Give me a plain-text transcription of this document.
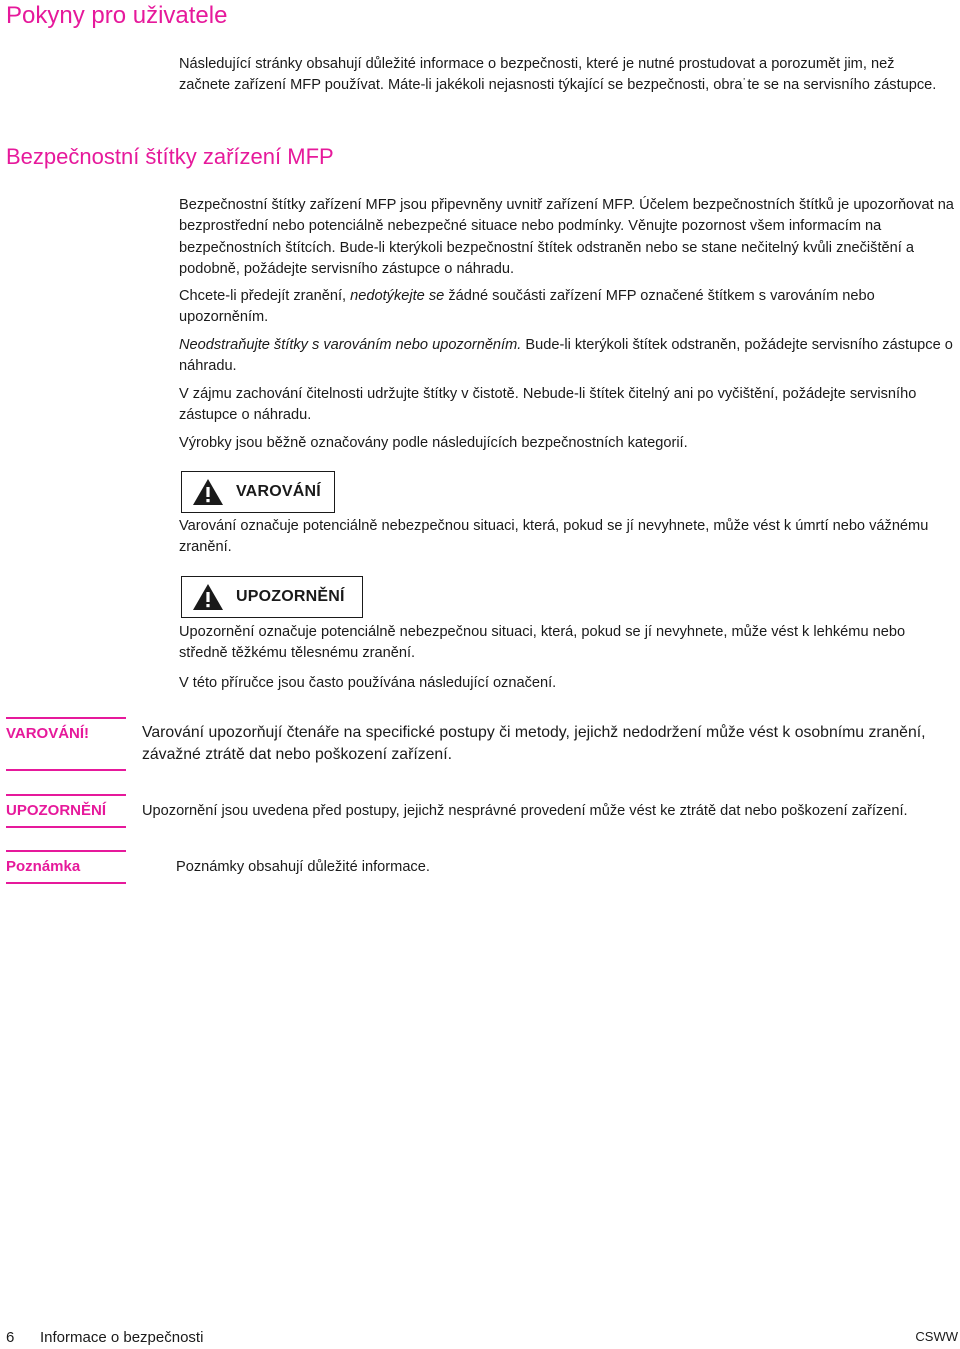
Pokyny pro uživatele

Následující stránky obsahují důležité informace o bezpečnosti, které je nutné prostudovat a porozumět jim, než začnete zařízení MFP používat. Máte-li jakékoli nejasnosti týkající se bezpečnosti, obra˙te se na servisního zástupce.

Bezpečnostní štítky zařízení MFP

Bezpečnostní štítky zařízení MFP jsou připevněny uvnitř zařízení MFP. Účelem bezpečnostních štítků je upozorňovat na bezprostřední nebo potenciálně nebezpečné situace nebo podmínky. Věnujte pozornost všem informacím na bezpečnostních štítcích. Bude-li kterýkoli bezpečnostní štítek odstraněn nebo se stane nečitelný kvůli znečištění a podobně, požádejte servisního zástupce o náhradu.

Chcete-li předejít zranění, nedotýkejte se žádné součásti zařízení MFP označené štítkem s varováním nebo upozorněním.

Neodstraňujte štítky s varováním nebo upozorněním. Bude-li kterýkoli štítek odstraněn, požádejte servisního zástupce o náhradu.

V zájmu zachování čitelnosti udržujte štítky v čistotě. Nebude-li štítek čitelný ani po vyčištění, požádejte servisního zástupce o náhradu.

Výrobky jsou běžně označovány podle následujících bezpečnostních kategorií.

VAROVÁNÍ

Varování označuje potenciálně nebezpečnou situaci, která, pokud se jí nevyhnete, může vést k úmrtí nebo vážnému zranění.

UPOZORNĚNÍ

Upozornění označuje potenciálně nebezpečnou situaci, která, pokud se jí nevyhnete, může vést k lehkému nebo středně těžkému tělesnému zranění.

V této příručce jsou často používána následující označení.

VAROVÁNÍ!	Varování upozorňují čtenáře na specifické postupy či metody, jejichž nedodržení může vést k osobnímu zranění, závažné ztrátě dat nebo poškození zařízení.

UPOZORNĚNÍ	Upozornění jsou uvedena před postupy, jejichž nesprávné provedení může vést ke ztrátě dat nebo poškození zařízení.

Poznámka	Poznámky obsahují důležité informace.

6 Informace o bezpečnosti	CSWW
